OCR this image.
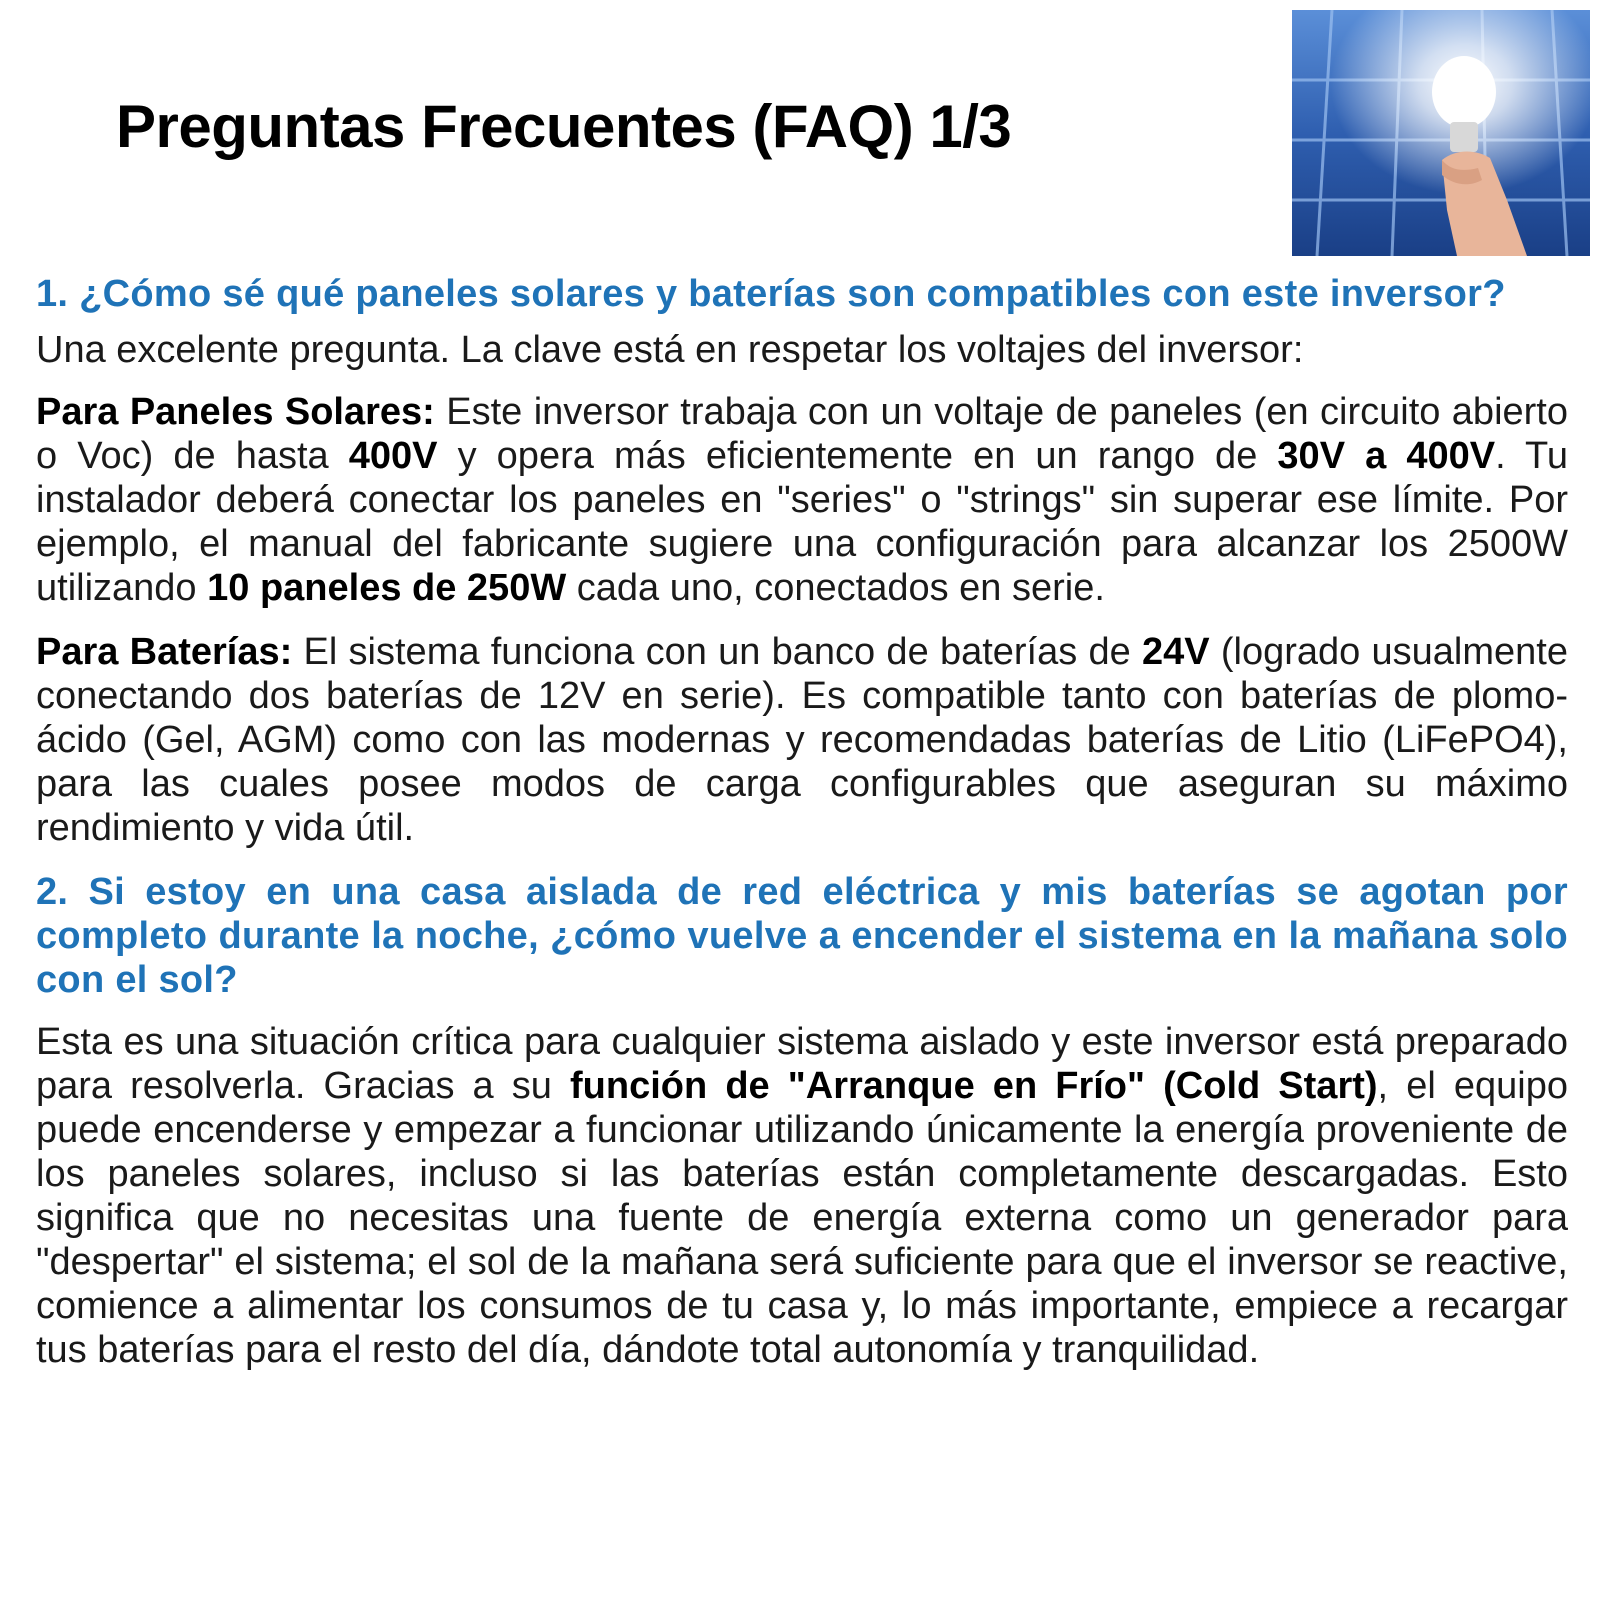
Preguntas Frecuentes (FAQ) 1/3

1. ¿Cómo sé qué paneles solares y baterías son compatibles con este inversor?

Una excelente pregunta. La clave está en respetar los voltajes del inversor:

Para Paneles Solares: Este inversor trabaja con un voltaje de paneles (en circuito abierto o Voc) de hasta 400V y opera más eficientemente en un rango de 30V a 400V. Tu instalador deberá conectar los paneles en "series" o "strings" sin superar ese límite. Por ejemplo, el manual del fabricante sugiere una configuración para alcanzar los 2500W utilizando 10 paneles de 250W cada uno, conectados en serie.

Para Baterías: El sistema funciona con un banco de baterías de 24V (logrado usualmente conectando dos baterías de 12V en serie). Es compatible tanto con baterías de plomo-ácido (Gel, AGM) como con las modernas y recomendadas baterías de Litio (LiFePO4), para las cuales posee modos de carga configurables que aseguran su máximo rendimiento y vida útil.

2. Si estoy en una casa aislada de red eléctrica y mis baterías se agotan por completo durante la noche, ¿cómo vuelve a encender el sistema en la mañana solo con el sol?

Esta es una situación crítica para cualquier sistema aislado y este inversor está preparado para resolverla. Gracias a su función de "Arranque en Frío" (Cold Start), el equipo puede encenderse y empezar a funcionar utilizando únicamente la energía proveniente de los paneles solares, incluso si las baterías están completamente descargadas. Esto significa que no necesitas una fuente de energía externa como un generador para "despertar" el sistema; el sol de la mañana será suficiente para que el inversor se reactive, comience a alimentar los consumos de tu casa y, lo más importante, empiece a recargar tus baterías para el resto del día, dándote total autonomía y tranquilidad.
